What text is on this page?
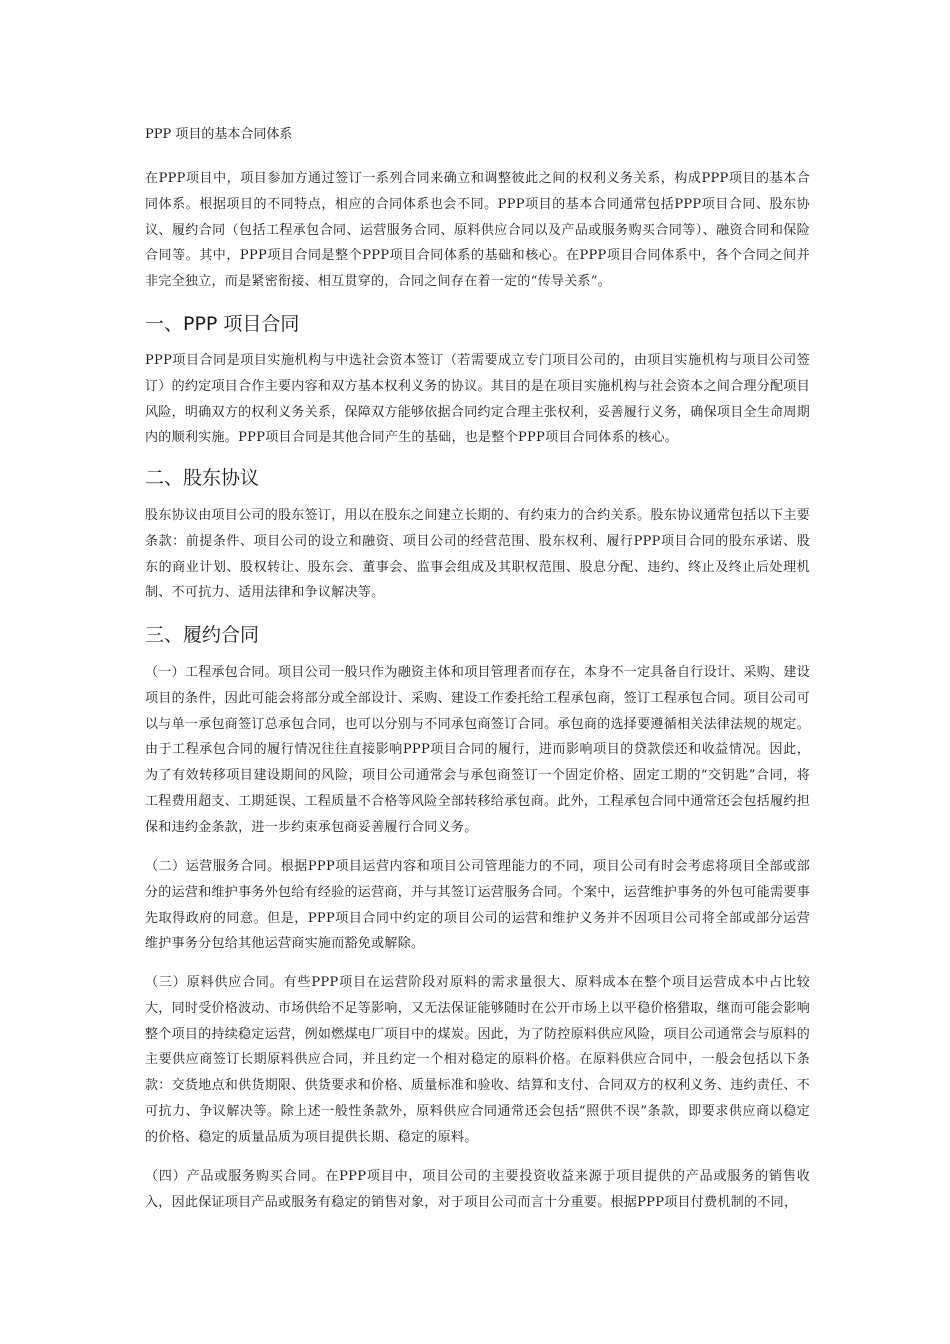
PPP 项目的基本合同体系

在PPP项目中，项目参加方通过签订一系列合同来确立和调整彼此之间的权利义务关系，构成PPP项目的基本合同体系。根据项目的不同特点，相应的合同体系也会不同。PPP项目的基本合同通常包括PPP项目合同、股东协议、履约合同（包括工程承包合同、运营服务合同、原料供应合同以及产品或服务购买合同等）、融资合同和保险合同等。其中，PPP项目合同是整个PPP项目合同体系的基础和核心。在PPP项目合同体系中，各个合同之间并非完全独立，而是紧密衔接、相互贯穿的，合同之间存在着一定的“传导关系”。

一、PPP 项目合同

PPP项目合同是项目实施机构与中选社会资本签订（若需要成立专门项目公司的，由项目实施机构与项目公司签订）的约定项目合作主要内容和双方基本权利义务的协议。其目的是在项目实施机构与社会资本之间合理分配项目风险，明确双方的权利义务关系，保障双方能够依据合同约定合理主张权利，妥善履行义务，确保项目全生命周期内的顺利实施。PPP项目合同是其他合同产生的基础，也是整个PPP项目合同体系的核心。

二、股东协议

股东协议由项目公司的股东签订，用以在股东之间建立长期的、有约束力的合约关系。股东协议通常包括以下主要条款：前提条件、项目公司的设立和融资、项目公司的经营范围、股东权利、履行PPP项目合同的股东承诺、股东的商业计划、股权转让、股东会、董事会、监事会组成及其职权范围、股息分配、违约、终止及终止后处理机制、不可抗力、适用法律和争议解决等。

三、履约合同

（一）工程承包合同。项目公司一般只作为融资主体和项目管理者而存在，本身不一定具备自行设计、采购、建设项目的条件，因此可能会将部分或全部设计、采购、建设工作委托给工程承包商，签订工程承包合同。项目公司可以与单一承包商签订总承包合同，也可以分别与不同承包商签订合同。承包商的选择要遵循相关法律法规的规定。由于工程承包合同的履行情况往往直接影响PPP项目合同的履行，进而影响项目的贷款偿还和收益情况。因此，为了有效转移项目建设期间的风险，项目公司通常会与承包商签订一个固定价格、固定工期的“交钥匙”合同，将工程费用超支、工期延误、工程质量不合格等风险全部转移给承包商。此外，工程承包合同中通常还会包括履约担保和违约金条款，进一步约束承包商妥善履行合同义务。

（二）运营服务合同。根据PPP项目运营内容和项目公司管理能力的不同，项目公司有时会考虑将项目全部或部分的运营和维护事务外包给有经验的运营商，并与其签订运营服务合同。个案中，运营维护事务的外包可能需要事先取得政府的同意。但是，PPP项目合同中约定的项目公司的运营和维护义务并不因项目公司将全部或部分运营维护事务分包给其他运营商实施而豁免或解除。

（三）原料供应合同。有些PPP项目在运营阶段对原料的需求量很大、原料成本在整个项目运营成本中占比较大，同时受价格波动、市场供给不足等影响，又无法保证能够随时在公开市场上以平稳价格猎取，继而可能会影响整个项目的持续稳定运营，例如燃煤电厂项目中的煤炭。因此，为了防控原料供应风险，项目公司通常会与原料的主要供应商签订长期原料供应合同，并且约定一个相对稳定的原料价格。在原料供应合同中，一般会包括以下条款：交货地点和供货期限、供货要求和价格、质量标准和验收、结算和支付、合同双方的权利义务、违约责任、不可抗力、争议解决等。除上述一般性条款外，原料供应合同通常还会包括“照供不误”条款，即要求供应商以稳定的价格、稳定的质量品质为项目提供长期、稳定的原料。

（四）产品或服务购买合同。在PPP项目中，项目公司的主要投资收益来源于项目提供的产品或服务的销售收入，因此保证项目产品或服务有稳定的销售对象，对于项目公司而言十分重要。根据PPP项目付费机制的不同，
